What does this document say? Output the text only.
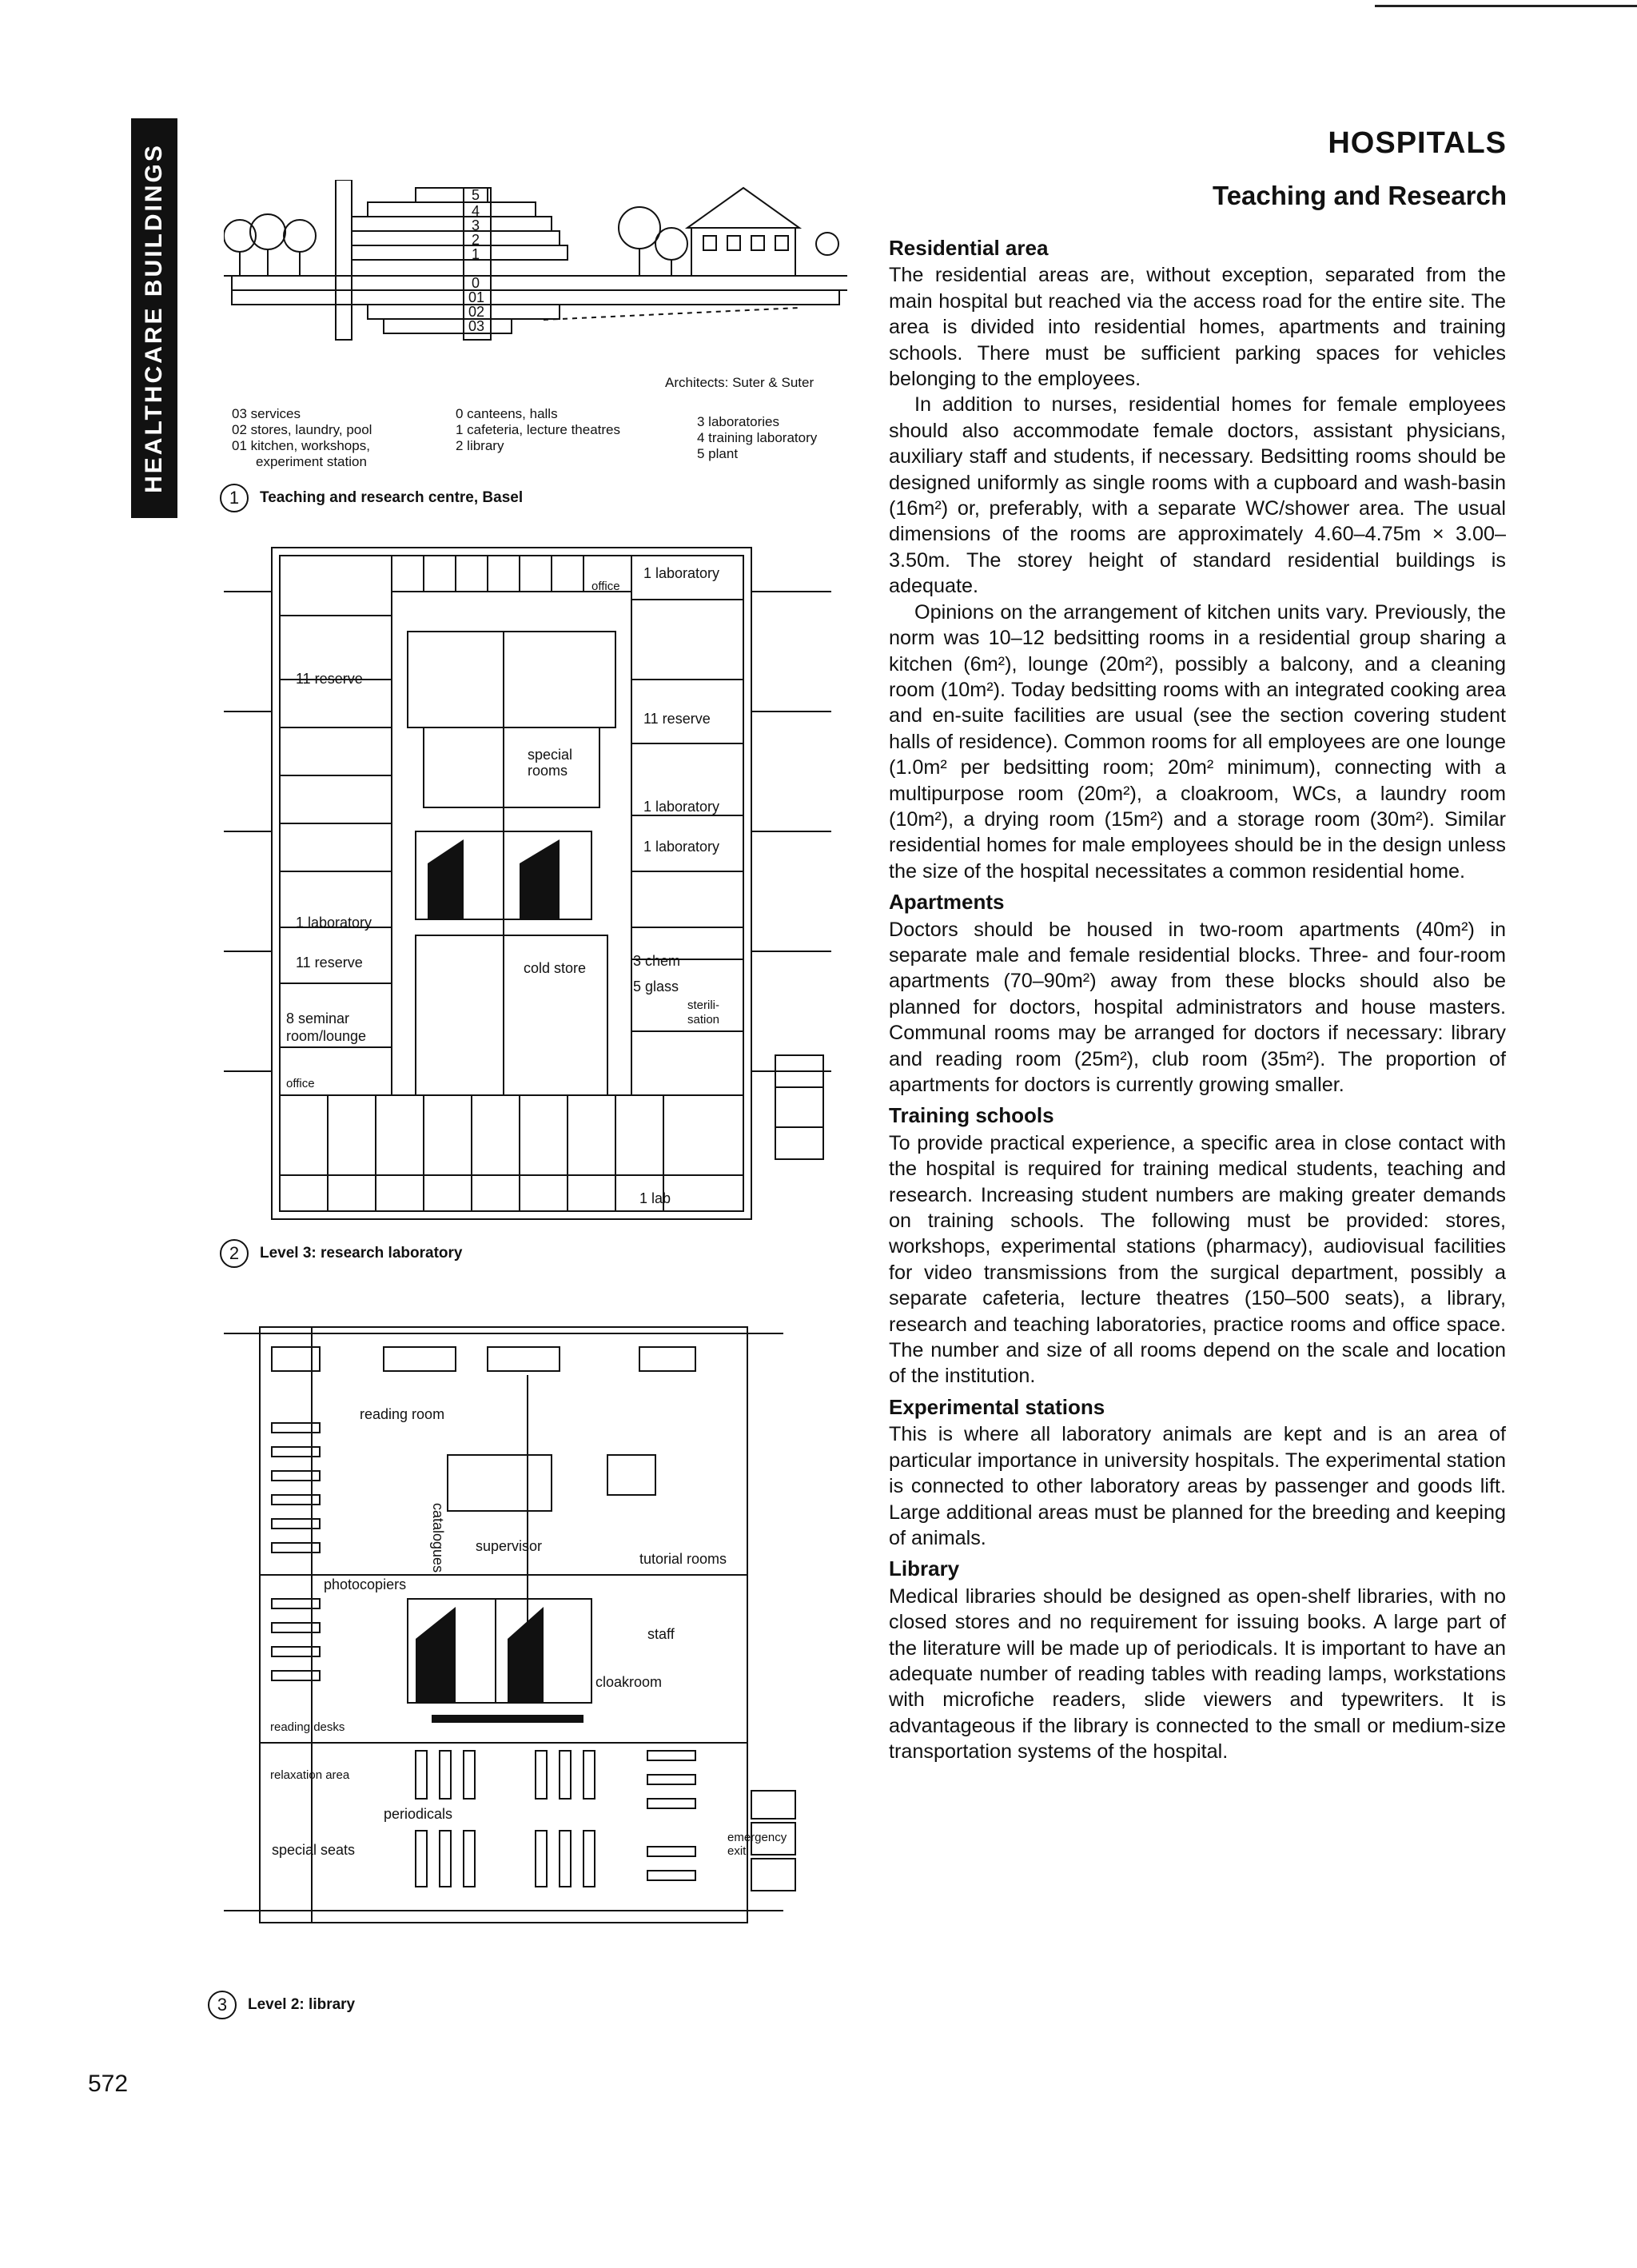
HEALTHCARE BUILDINGS
HOSPITALS
Teaching and Research
5
4
3
2
1
0
01
02
03
Architects: Suter & Suter
03 services
02 stores, laundry, pool
01 kitchen, workshops,
experiment station
0 canteens, halls
1 cafeteria, lecture theatres
2 library
3 laboratories
4 training laboratory
5 plant
1	Teaching and research centre, Basel
11 reserve
11 reserve
1 laboratory
1 laboratory
1 laboratory
1 laboratory
special
rooms
11 reserve
8 seminar
room/lounge
office
office
cold store	3 chem
5 glass
sterili-
sation
1 lab
2	Level 3: research laboratory
reading room
catalogues supervisor
tutorial rooms
photocopiers
staff
cloakroom
reading desks
relaxation area
periodicals
special seats
emergency
exit
3	Level 2: library
Residential area

The residential areas are, without exception, separated from the main hospital but reached via the access road for the entire site. The area is divided into residential homes, apartments and training schools. There must be sufficient parking spaces for vehicles belonging to the employees.

In addition to nurses, residential homes for female employees should also accommodate female doctors, assistant physicians, auxiliary staff and students, if necessary. Bedsitting rooms should be designed uniformly as single rooms with a cupboard and wash-basin (16m²) or, preferably, with a separate WC/shower area. The usual dimensions of the rooms are approximately 4.60–4.75m × 3.00–3.50m. The storey height of standard residential buildings is adequate.

Opinions on the arrangement of kitchen units vary. Previously, the norm was 10–12 bedsitting rooms in a residential group sharing a kitchen (6m²), lounge (20m²), possibly a balcony, and a cleaning room (10m²). Today bedsitting rooms with an integrated cooking area and en-suite facilities are usual (see the section covering student halls of residence). Common rooms for all employees are one lounge (1.0m² per bedsitting room; 20m² minimum), connecting with a multipurpose room (20m²), a cloakroom, WCs, a laundry room (10m²), a drying room (15m²) and a storage room (30m²). Similar residential homes for male employees should be in the design unless the size of the hospital necessitates a common residential home.

Apartments

Doctors should be housed in two-room apartments (40m²) in separate male and female residential blocks. Three- and four-room apartments (70–90m²) away from these blocks should also be planned for doctors, hospital administrators and house masters. Communal rooms may be arranged for doctors if necessary: library and reading room (25m²), club room (35m²). The proportion of apartments for doctors is currently growing smaller.

Training schools

To provide practical experience, a specific area in close contact with the hospital is required for training medical students, teaching and research. Increasing student numbers are making greater demands on training schools. The following must be provided: stores, workshops, experimental stations (pharmacy), audiovisual facilities for video transmissions from the surgical department, possibly a separate cafeteria, lecture theatres (150–500 seats), a library, research and teaching laboratories, practice rooms and office space. The number and size of all rooms depend on the scale and location of the institution.

Experimental stations

This is where all laboratory animals are kept and is an area of particular importance in university hospitals. The experimental station is connected to other laboratory areas by passenger and goods lift. Large additional areas must be planned for the breeding and keeping of animals.

Library

Medical libraries should be designed as open-shelf libraries, with no closed stores and no requirement for issuing books. A large part of the literature will be made up of periodicals. It is important to have an adequate number of reading tables with reading lamps, workstations with microfiche readers, slide viewers and typewriters. It is advantageous if the library is connected to the small or medium-size transportation systems of the hospital.

572
